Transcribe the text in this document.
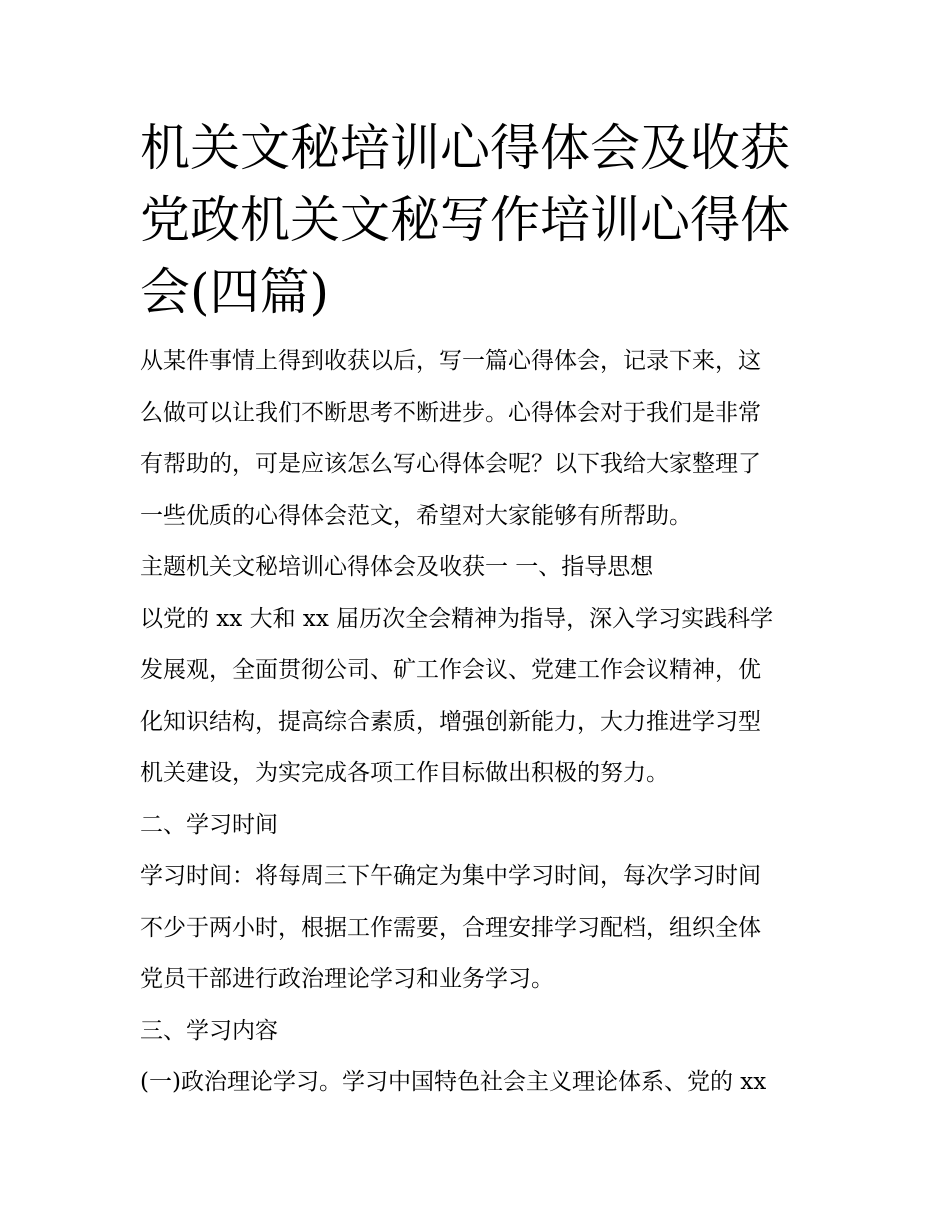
机关文秘培训心得体会及收获
党政机关文秘写作培训心得体
会(四篇)
从某件事情上得到收获以后，写一篇心得体会，记录下来，这
么做可以让我们不断思考不断进步。心得体会对于我们是非常
有帮助的，可是应该怎么写心得体会呢？以下我给大家整理了
一些优质的心得体会范文，希望对大家能够有所帮助。
主题机关文秘培训心得体会及收获一 一、指导思想
以党的 xx 大和 xx 届历次全会精神为指导，深入学习实践科学
发展观，全面贯彻公司、矿工作会议、党建工作会议精神，优
化知识结构，提高综合素质，增强创新能力，大力推进学习型
机关建设，为实完成各项工作目标做出积极的努力。
二、学习时间
学习时间：将每周三下午确定为集中学习时间，每次学习时间
不少于两小时，根据工作需要，合理安排学习配档，组织全体
党员干部进行政治理论学习和业务学习。
三、学习内容
(一)政治理论学习。学习中国特色社会主义理论体系、党的 xx
